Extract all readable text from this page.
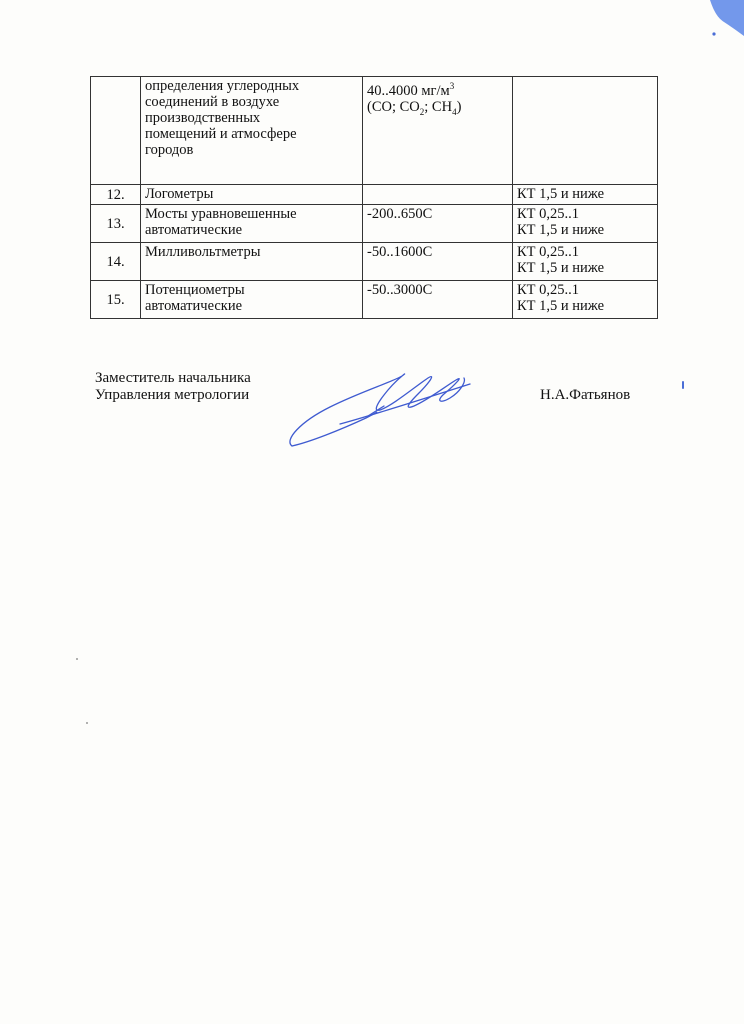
	определения углеродных
соединений в воздухе
производственных
помещений и атмосфере
городов	40..4000 $мг/м^3$
(CO; $CO_2$; $CH_4$)	

12.	Логометры		КТ 1,5 и ниже

13.	Мосты уравновешенные
автоматические	-200..650С	КТ 0,25..1
КТ 1,5 и ниже

14.	Милливольтметры	-50..1600С	КТ 0,25..1
КТ 1,5 и ниже

15.	Потенциометры
автоматические	-50..3000С	КТ 0,25..1
КТ 1,5 и ниже
Заместитель начальника
Управления метрологии	Н.А.Фатьянов
